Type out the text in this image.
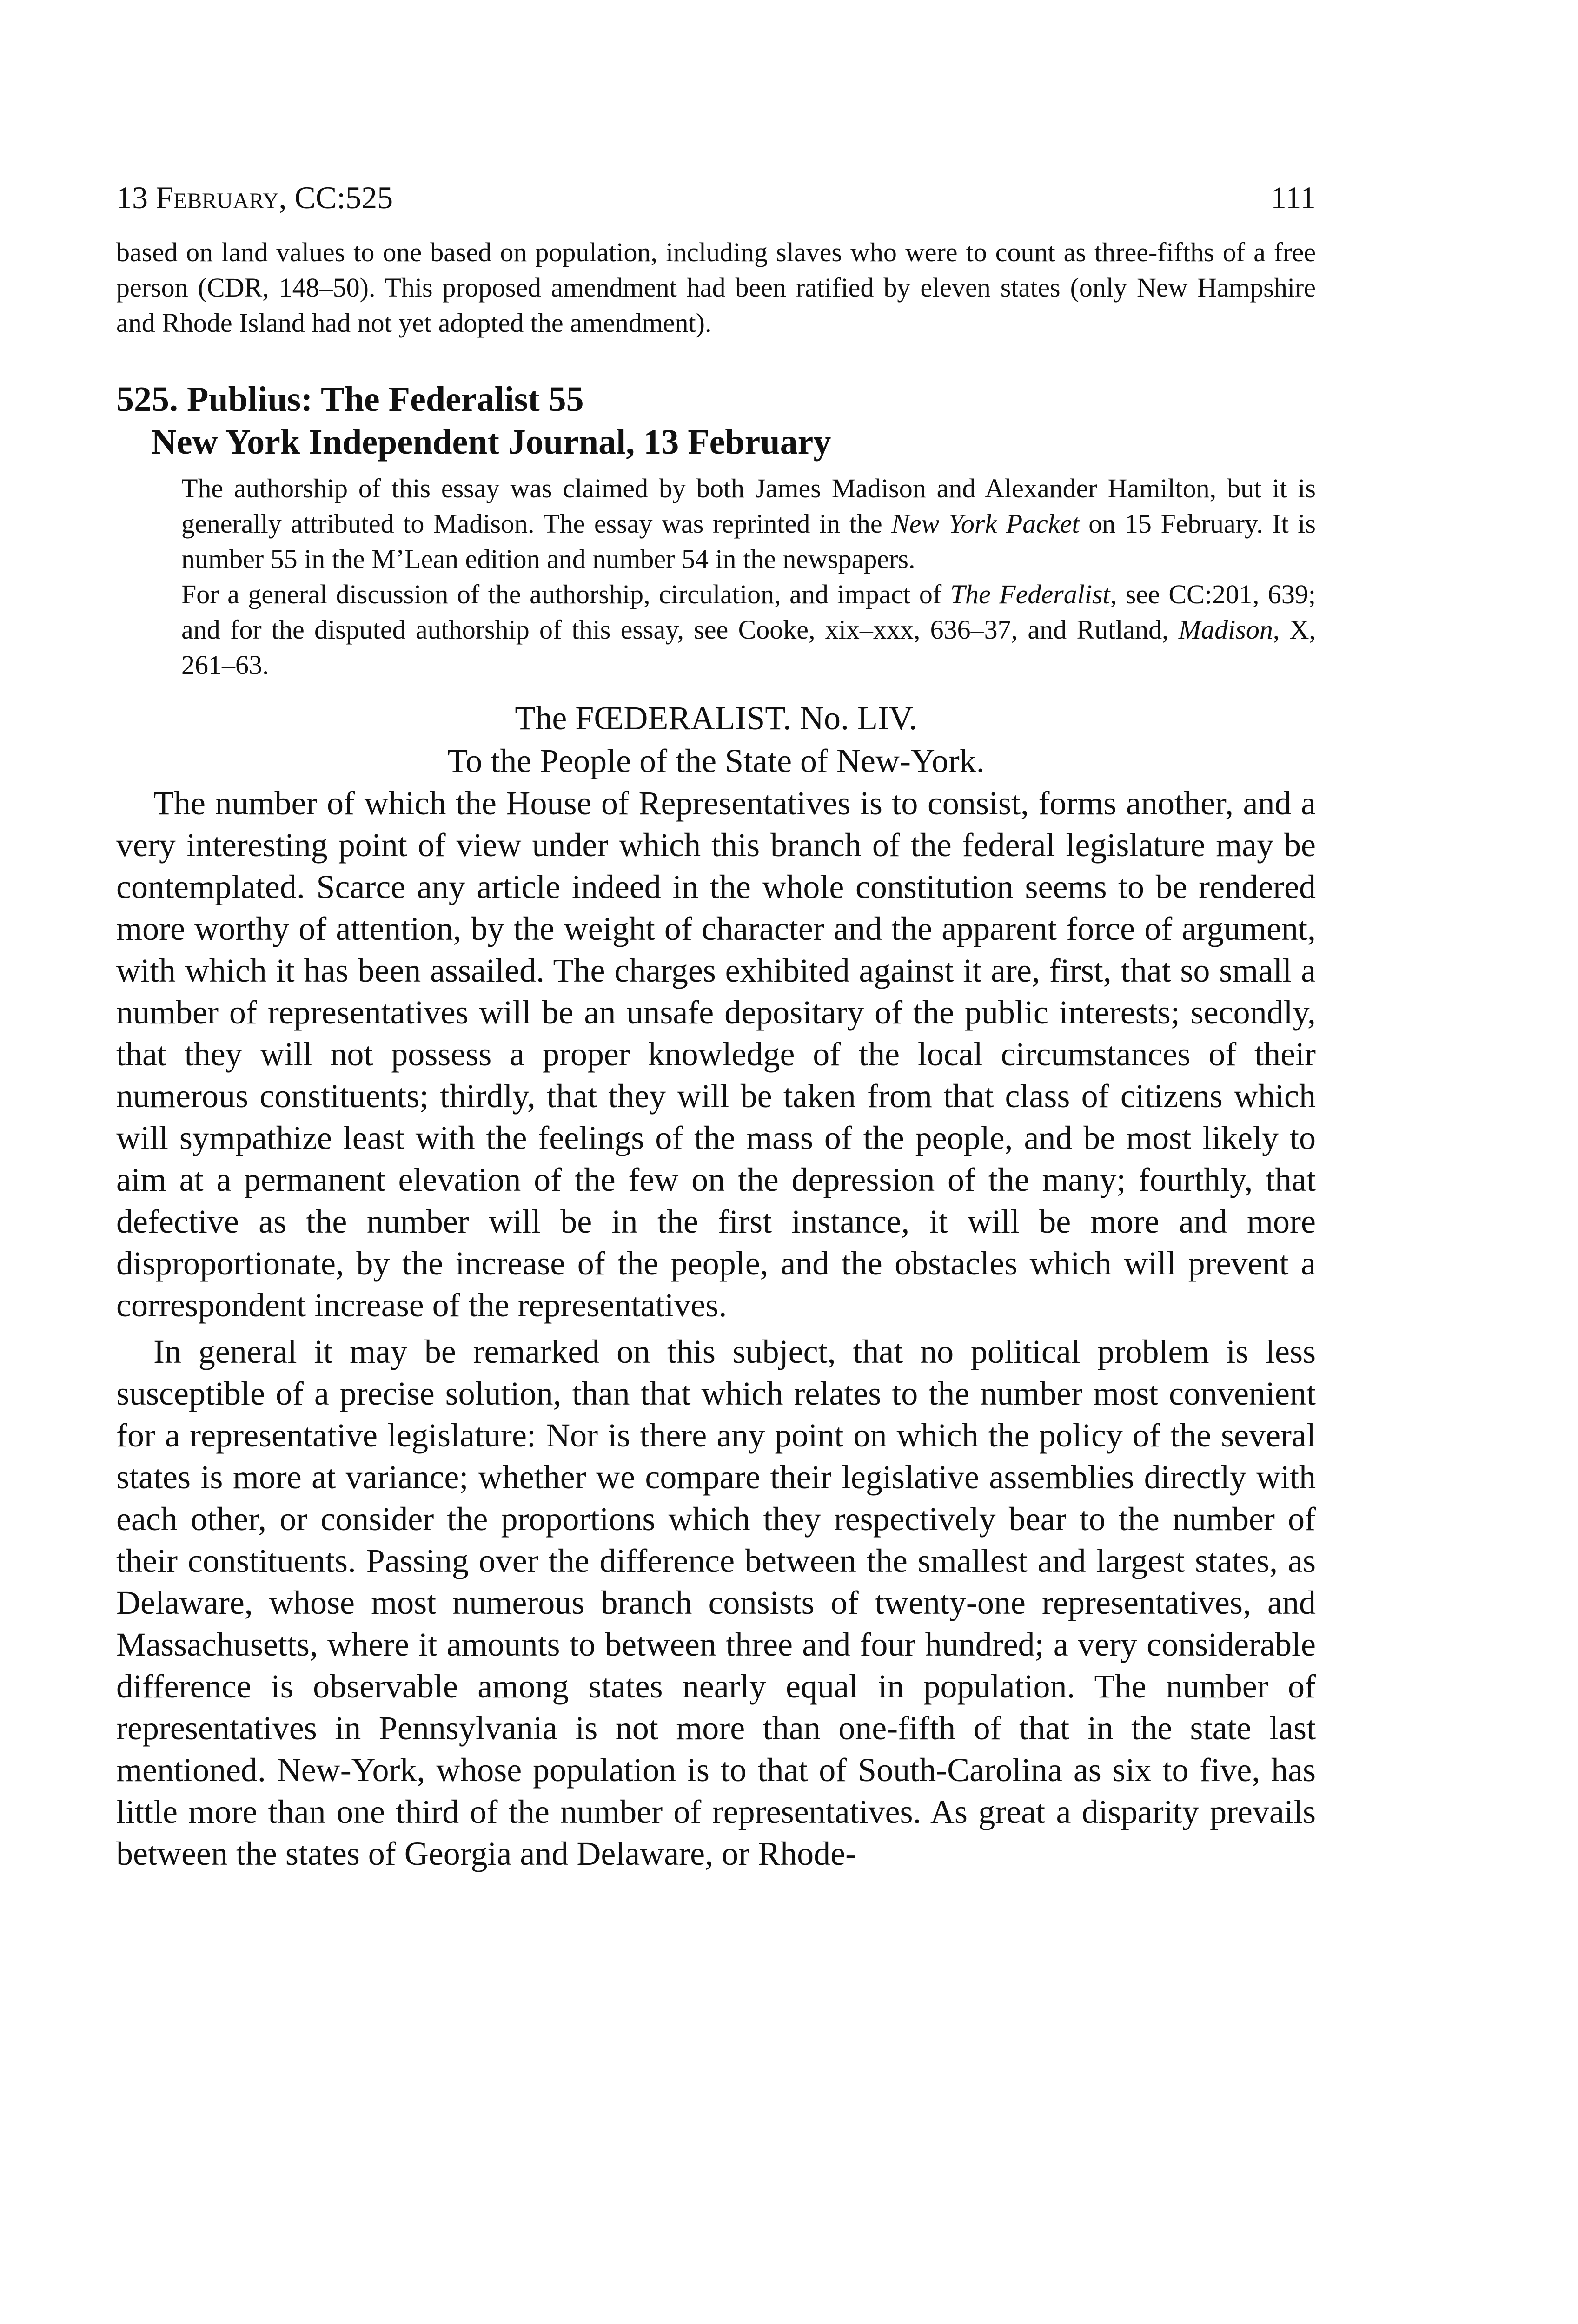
13 February, CC:525	111

based on land values to one based on population, including slaves who were to count as three-fifths of a free person (CDR, 148–50). This proposed amendment had been ratified by eleven states (only New Hampshire and Rhode Island had not yet adopted the amendment).

525. Publius: The Federalist 55
New York Independent Journal, 13 February

The authorship of this essay was claimed by both James Madison and Alexander Hamilton, but it is generally attributed to Madison. The essay was reprinted in the New York Packet on 15 February. It is number 55 in the M’Lean edition and number 54 in the newspapers.

For a general discussion of the authorship, circulation, and impact of The Federalist, see CC:201, 639; and for the disputed authorship of this essay, see Cooke, xix–xxx, 636–37, and Rutland, Madison, X, 261–63.

The FŒDERALIST. No. LIV.
To the People of the State of New-York.

The number of which the House of Representatives is to consist, forms another, and a very interesting point of view under which this branch of the federal legislature may be contemplated. Scarce any article indeed in the whole constitution seems to be rendered more worthy of attention, by the weight of character and the apparent force of argument, with which it has been assailed. The charges exhibited against it are, first, that so small a number of representatives will be an unsafe depositary of the public interests; secondly, that they will not possess a proper knowledge of the local circumstances of their numerous constituents; thirdly, that they will be taken from that class of citizens which will sympathize least with the feelings of the mass of the people, and be most likely to aim at a permanent elevation of the few on the depression of the many; fourthly, that defective as the number will be in the first instance, it will be more and more disproportionate, by the increase of the people, and the obstacles which will prevent a correspondent increase of the representatives.

In general it may be remarked on this subject, that no political problem is less susceptible of a precise solution, than that which relates to the number most convenient for a representative legislature: Nor is there any point on which the policy of the several states is more at variance; whether we compare their legislative assemblies directly with each other, or consider the proportions which they respectively bear to the number of their constituents. Passing over the difference between the smallest and largest states, as Delaware, whose most numerous branch consists of twenty-one representatives, and Massachusetts, where it amounts to between three and four hundred; a very considerable difference is observable among states nearly equal in population. The number of representatives in Pennsylvania is not more than one-fifth of that in the state last mentioned. New-York, whose population is to that of South-Carolina as six to five, has little more than one third of the number of representatives. As great a disparity prevails between the states of Georgia and Delaware, or Rhode-
